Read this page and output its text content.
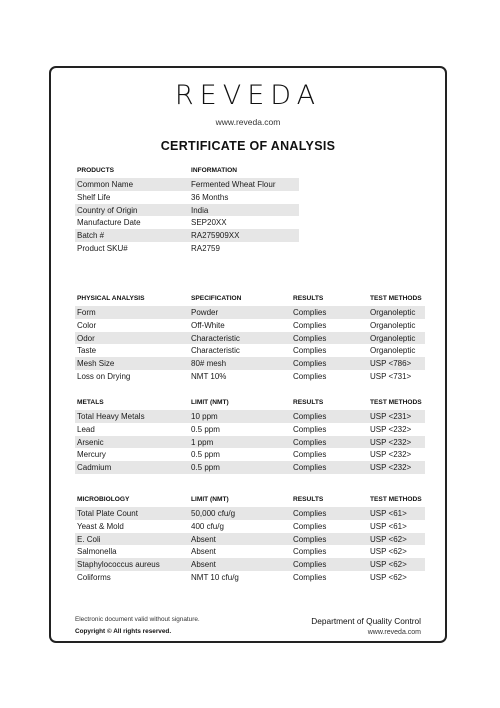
REVEDA
www.reveda.com
CERTIFICATE OF ANALYSIS
PRODUCTS	INFORMATION
Common Name	Fermented Wheat Flour
Shelf Life	36 Months
Country of Origin	India
Manufacture Date	SEP20XX
Batch #	RA275909XX
Product SKU#	RA2759
PHYSICAL ANALYSIS	SPECIFICATION	RESULTS	TEST METHODS
Form	Powder	Complies	Organoleptic
Color	Off-White	Complies	Organoleptic
Odor	Characteristic	Complies	Organoleptic
Taste	Characteristic	Complies	Organoleptic
Mesh Size	80# mesh	Complies	USP <786>
Loss on Drying	NMT 10%	Complies	USP <731>
METALS	LIMIT (NMT)	RESULTS	TEST METHODS
Total Heavy Metals	10 ppm	Complies	USP <231>
Lead	0.5 ppm	Complies	USP <232>
Arsenic	1 ppm	Complies	USP <232>
Mercury	0.5 ppm	Complies	USP <232>
Cadmium	0.5 ppm	Complies	USP <232>
MICROBIOLOGY	LIMIT (NMT)	RESULTS	TEST METHODS
Total Plate Count	50,000 cfu/g	Complies	USP <61>
Yeast & Mold	400 cfu/g	Complies	USP <61>
E. Coli	Absent	Complies	USP <62>
Salmonella	Absent	Complies	USP <62>
Staphylococcus aureus	Absent	Complies	USP <62>
Coliforms	NMT 10 cfu/g	Complies	USP <62>
Electronic document valid without signature.
Copyright © All rights reserved.
Department of Quality Control
www.reveda.com
